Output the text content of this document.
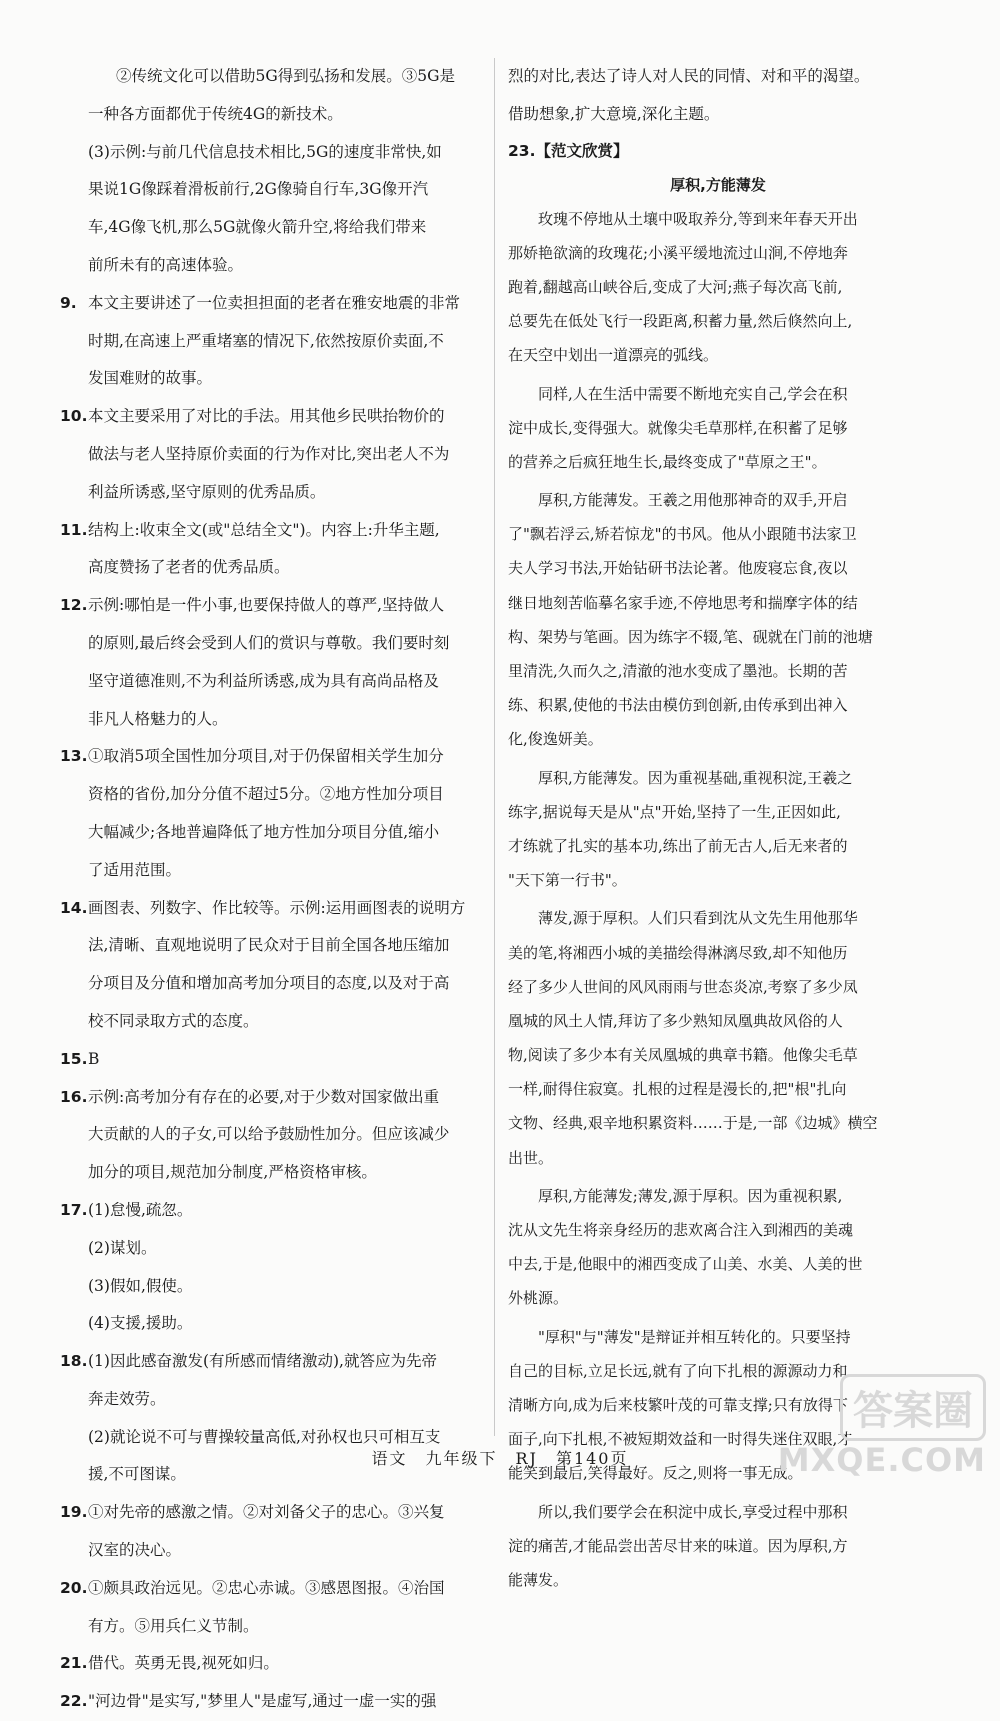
②传统文化可以借助5G得到弘扬和发展。③5G是
一种各方面都优于传统4G的新技术。
(3)示例:与前几代信息技术相比,5G的速度非常快,如
果说1G像踩着滑板前行,2G像骑自行车,3G像开汽
车,4G像飞机,那么5G就像火箭升空,将给我们带来
前所未有的高速体验。
9. 本文主要讲述了一位卖担担面的老者在雅安地震的非常
时期,在高速上严重堵塞的情况下,依然按原价卖面,不
发国难财的故事。
10. 本文主要采用了对比的手法。用其他乡民哄抬物价的
做法与老人坚持原价卖面的行为作对比,突出老人不为
利益所诱惑,坚守原则的优秀品质。
11. 结构上:收束全文(或"总结全文")。内容上:升华主题,
高度赞扬了老者的优秀品质。
12. 示例:哪怕是一件小事,也要保持做人的尊严,坚持做人
的原则,最后终会受到人们的赏识与尊敬。我们要时刻
坚守道德准则,不为利益所诱惑,成为具有高尚品格及
非凡人格魅力的人。
13. ①取消5项全国性加分项目,对于仍保留相关学生加分
资格的省份,加分分值不超过5分。②地方性加分项目
大幅减少;各地普遍降低了地方性加分项目分值,缩小
了适用范围。
14. 画图表、列数字、作比较等。示例:运用画图表的说明方
法,清晰、直观地说明了民众对于目前全国各地压缩加
分项目及分值和增加高考加分项目的态度,以及对于高
校不同录取方式的态度。
15. B
16. 示例:高考加分有存在的必要,对于少数对国家做出重
大贡献的人的子女,可以给予鼓励性加分。但应该减少
加分的项目,规范加分制度,严格资格审核。
17. (1)怠慢,疏忽。
(2)谋划。
(3)假如,假使。
(4)支援,援助。
18. (1)因此感奋激发(有所感而情绪激动),就答应为先帝
奔走效劳。
(2)就论说不可与曹操较量高低,对孙权也只可相互支
援,不可图谋。
19. ①对先帝的感激之情。②对刘备父子的忠心。③兴复
汉室的决心。
20. ①颇具政治远见。②忠心赤诚。③感恩图报。④治国
有方。⑤用兵仁义节制。
21. 借代。英勇无畏,视死如归。
22. "河边骨"是实写,"梦里人"是虚写,通过一虚一实的强
烈的对比,表达了诗人对人民的同情、对和平的渴望。
借助想象,扩大意境,深化主题。
23.【范文欣赏】
厚积,方能薄发
玫瑰不停地从土壤中吸取养分,等到来年春天开出
那娇艳欲滴的玫瑰花;小溪平缓地流过山涧,不停地奔
跑着,翻越高山峡谷后,变成了大河;燕子每次高飞前,
总要先在低处飞行一段距离,积蓄力量,然后倏然向上,
在天空中划出一道漂亮的弧线。
同样,人在生活中需要不断地充实自己,学会在积
淀中成长,变得强大。就像尖毛草那样,在积蓄了足够
的营养之后疯狂地生长,最终变成了"草原之王"。
厚积,方能薄发。王羲之用他那神奇的双手,开启
了"飘若浮云,矫若惊龙"的书风。他从小跟随书法家卫
夫人学习书法,开始钻研书法论著。他废寝忘食,夜以
继日地刻苦临摹名家手迹,不停地思考和揣摩字体的结
构、架势与笔画。因为练字不辍,笔、砚就在门前的池塘
里清洗,久而久之,清澈的池水变成了墨池。长期的苦
练、积累,使他的书法由模仿到创新,由传承到出神入
化,俊逸妍美。
厚积,方能薄发。因为重视基础,重视积淀,王羲之
练字,据说每天是从"点"开始,坚持了一生,正因如此,
才练就了扎实的基本功,练出了前无古人,后无来者的
"天下第一行书"。
薄发,源于厚积。人们只看到沈从文先生用他那华
美的笔,将湘西小城的美描绘得淋漓尽致,却不知他历
经了多少人世间的风风雨雨与世态炎凉,考察了多少凤
凰城的风土人情,拜访了多少熟知凤凰典故风俗的人
物,阅读了多少本有关凤凰城的典章书籍。他像尖毛草
一样,耐得住寂寞。扎根的过程是漫长的,把"根"扎向
文物、经典,艰辛地积累资料……于是,一部《边城》横空
出世。
厚积,方能薄发;薄发,源于厚积。因为重视积累,
沈从文先生将亲身经历的悲欢离合注入到湘西的美魂
中去,于是,他眼中的湘西变成了山美、水美、人美的世
外桃源。
"厚积"与"薄发"是辩证并相互转化的。只要坚持
自己的目标,立足长远,就有了向下扎根的源源动力和
清晰方向,成为后来枝繁叶茂的可靠支撑;只有放得下
面子,向下扎根,不被短期效益和一时得失迷住双眼,才
能笑到最后,笑得最好。反之,则将一事无成。
所以,我们要学会在积淀中成长,享受过程中那积
淀的痛苦,才能品尝出苦尽甘来的味道。因为厚积,方
能薄发。
语文　九年级下　RJ　第140页
答案圈
MXQE.COM
